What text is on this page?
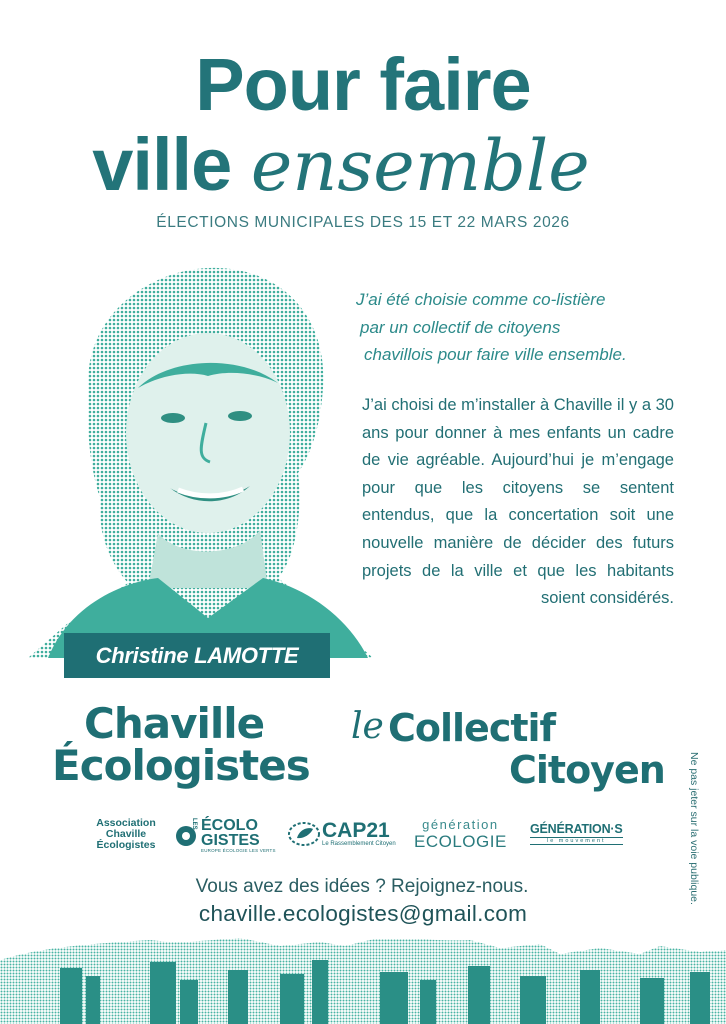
Pour faire
ville ensemble
ÉLECTIONS MUNICIPALES DES 15 ET 22 MARS 2026
Christine LAMOTTE
J’ai été choisie comme co-listière
par un collectif de citoyens
chavillois pour faire ville ensemble.
J’ai choisi de m’installer à Chaville il y a 30 ans pour donner à mes enfants un cadre de vie agréable. Aujourd’hui je m’engage pour que les citoyens se sentent entendus, que la concertation soit une nouvelle manière de décider des futurs projets de la ville et que les habitants soient considérés.
Chaville
Écologistes
le Collectif
Citoyen Ne pas jeter sur la voie publique.
Association
Chaville
Écologistes
LES ÉCOLO
GISTES
EUROPE ÉCOLOGIE LES VERTS
CAP21
Le Rassemblement Citoyen
génération
ECOLOGIE
GÉNÉRATION·S
le mouvement
Vous avez des idées ? Rejoignez-nous.
chaville.ecologistes@gmail.com
